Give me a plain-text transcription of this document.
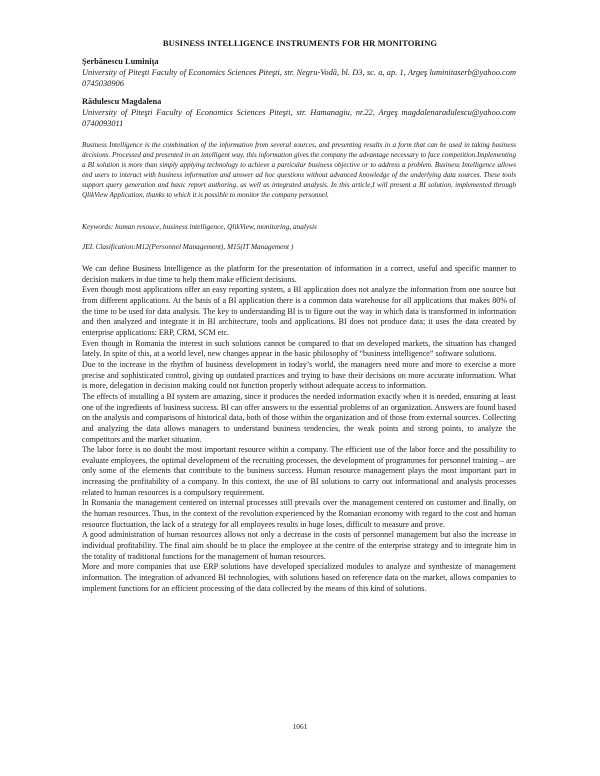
BUSINESS INTELLIGENCE INSTRUMENTS FOR HR MONITORING
Şerbănescu Luminiţa
University of Piteşti Faculty of Economics Sciences Piteşti, str. Negru-Vodă, bl. D3, sc. a, ap. 1, Argeş luminitaserb@yahoo.com 0745030906
Rădulescu Magdalena
University of Piteşti Faculty of Economics Sciences Piteşti, str. Hamanagiu, nr.22, Argeş magdalenaradulescu@yahoo.com 0740093011
Business Intelligence is the combination of the information from several sources, and presenting results in a form that can be used in taking business decisions. Processed and presented in an intelligent way, this information gives the company the advantage necessary to face competition.Implementing a BI solution is more than simply applying technology to achieve a particular business objective or to address a problem. Business Intelligence allows end users to interact with business information and answer ad hoc questions without advanced knowledge of the underlying data sources. These tools support query generation and basic report authoring, as well as integrated analysis. In this article,I will present a BI solution, implemented through QlikView Application, thanks to which it is possible to monitor the company personnel.
Keywords: human resouce, business intelligence, QlikView, monitoring, analysis
JEL Clasification:M12(Personnel Management), M15(IT Management )

We can define Business Intelligence as the platform for the presentation of information in a correct, useful and specific manner to decision makers in due time to help them make efficient decisions.

Even though most applications offer an easy reporting system, a BI application does not analyze the information from one source but from different applications. At the basis of a BI application there is a common data warehouse for all applications that makes 80% of the time to be used for data analysis. The key to understanding BI is to figure out the way in which data is transformed in information and then analyzed and integrate it in BI architecture, tools and applications. BI does not produce data; it uses the data created by enterprise applications: ERP, CRM, SCM etc.

Even though in Romania the interest in such solutions cannot be compared to that on developed markets, the situation has changed lately. In spite of this, at a world level, new changes appear in the basic philosophy of “business intelligence” software solutions.

Due to the increase in the rhythm of business development in today’s world, the managers need more and more to exercise a more precise and sophisticated control, giving up outdated practices and trying to base their decisions on more accurate information. What is more, delegation in decision making could not function properly without adequate access to information.

The effects of installing a BI system are amazing, since it produces the needed information exactly when it is needed, ensuring at least one of the ingredients of business success. BI can offer answers to the essential problems of an organization. Answers are found based on the analysis and comparisons of historical data, both of those within the organization and of those from external sources. Collecting and analyzing the data allows managers to understand business tendencies, the weak points and strong points, to analyze the competitors and the market situation.

The labor force is no doubt the most important resource within a company. The efficient use of the labor force and the possibility to evaluate employees, the optimal development of the recruiting processes, the development of programmes for personnel training – are only some of the elements that contribute to the business success. Human resource management plays the most important part in increasing the profitability of a company. In this context, the use of BI solutions to carry out informational and analysis processes related to human resources is a compulsory requirement.

In Romania the management centered on internal processes still prevails over the management centered on customer and finally, on the human resources. Thus, in the context of the revolution experienced by the Romanian economy with regard to the cost and human resource fluctuation, the lack of a strategy for all employees results in huge loses, difficult to measure and prove.

A good administration of human resources allows not only a decrease in the costs of personnel management but also the increase in individual profitability. The final aim should be to place the employee at the centre of the enterprise strategy and to integrate him in the totality of traditional functions for the management of human resources.

More and more companies that use ERP solutions have developed specialized modules to analyze and synthesize of management information. The integration of advanced BI technologies, with solutions based on reference data on the market, allows companies to implement functions for an efficient processing of the data collected by the means of this kind of solutions.

1061
